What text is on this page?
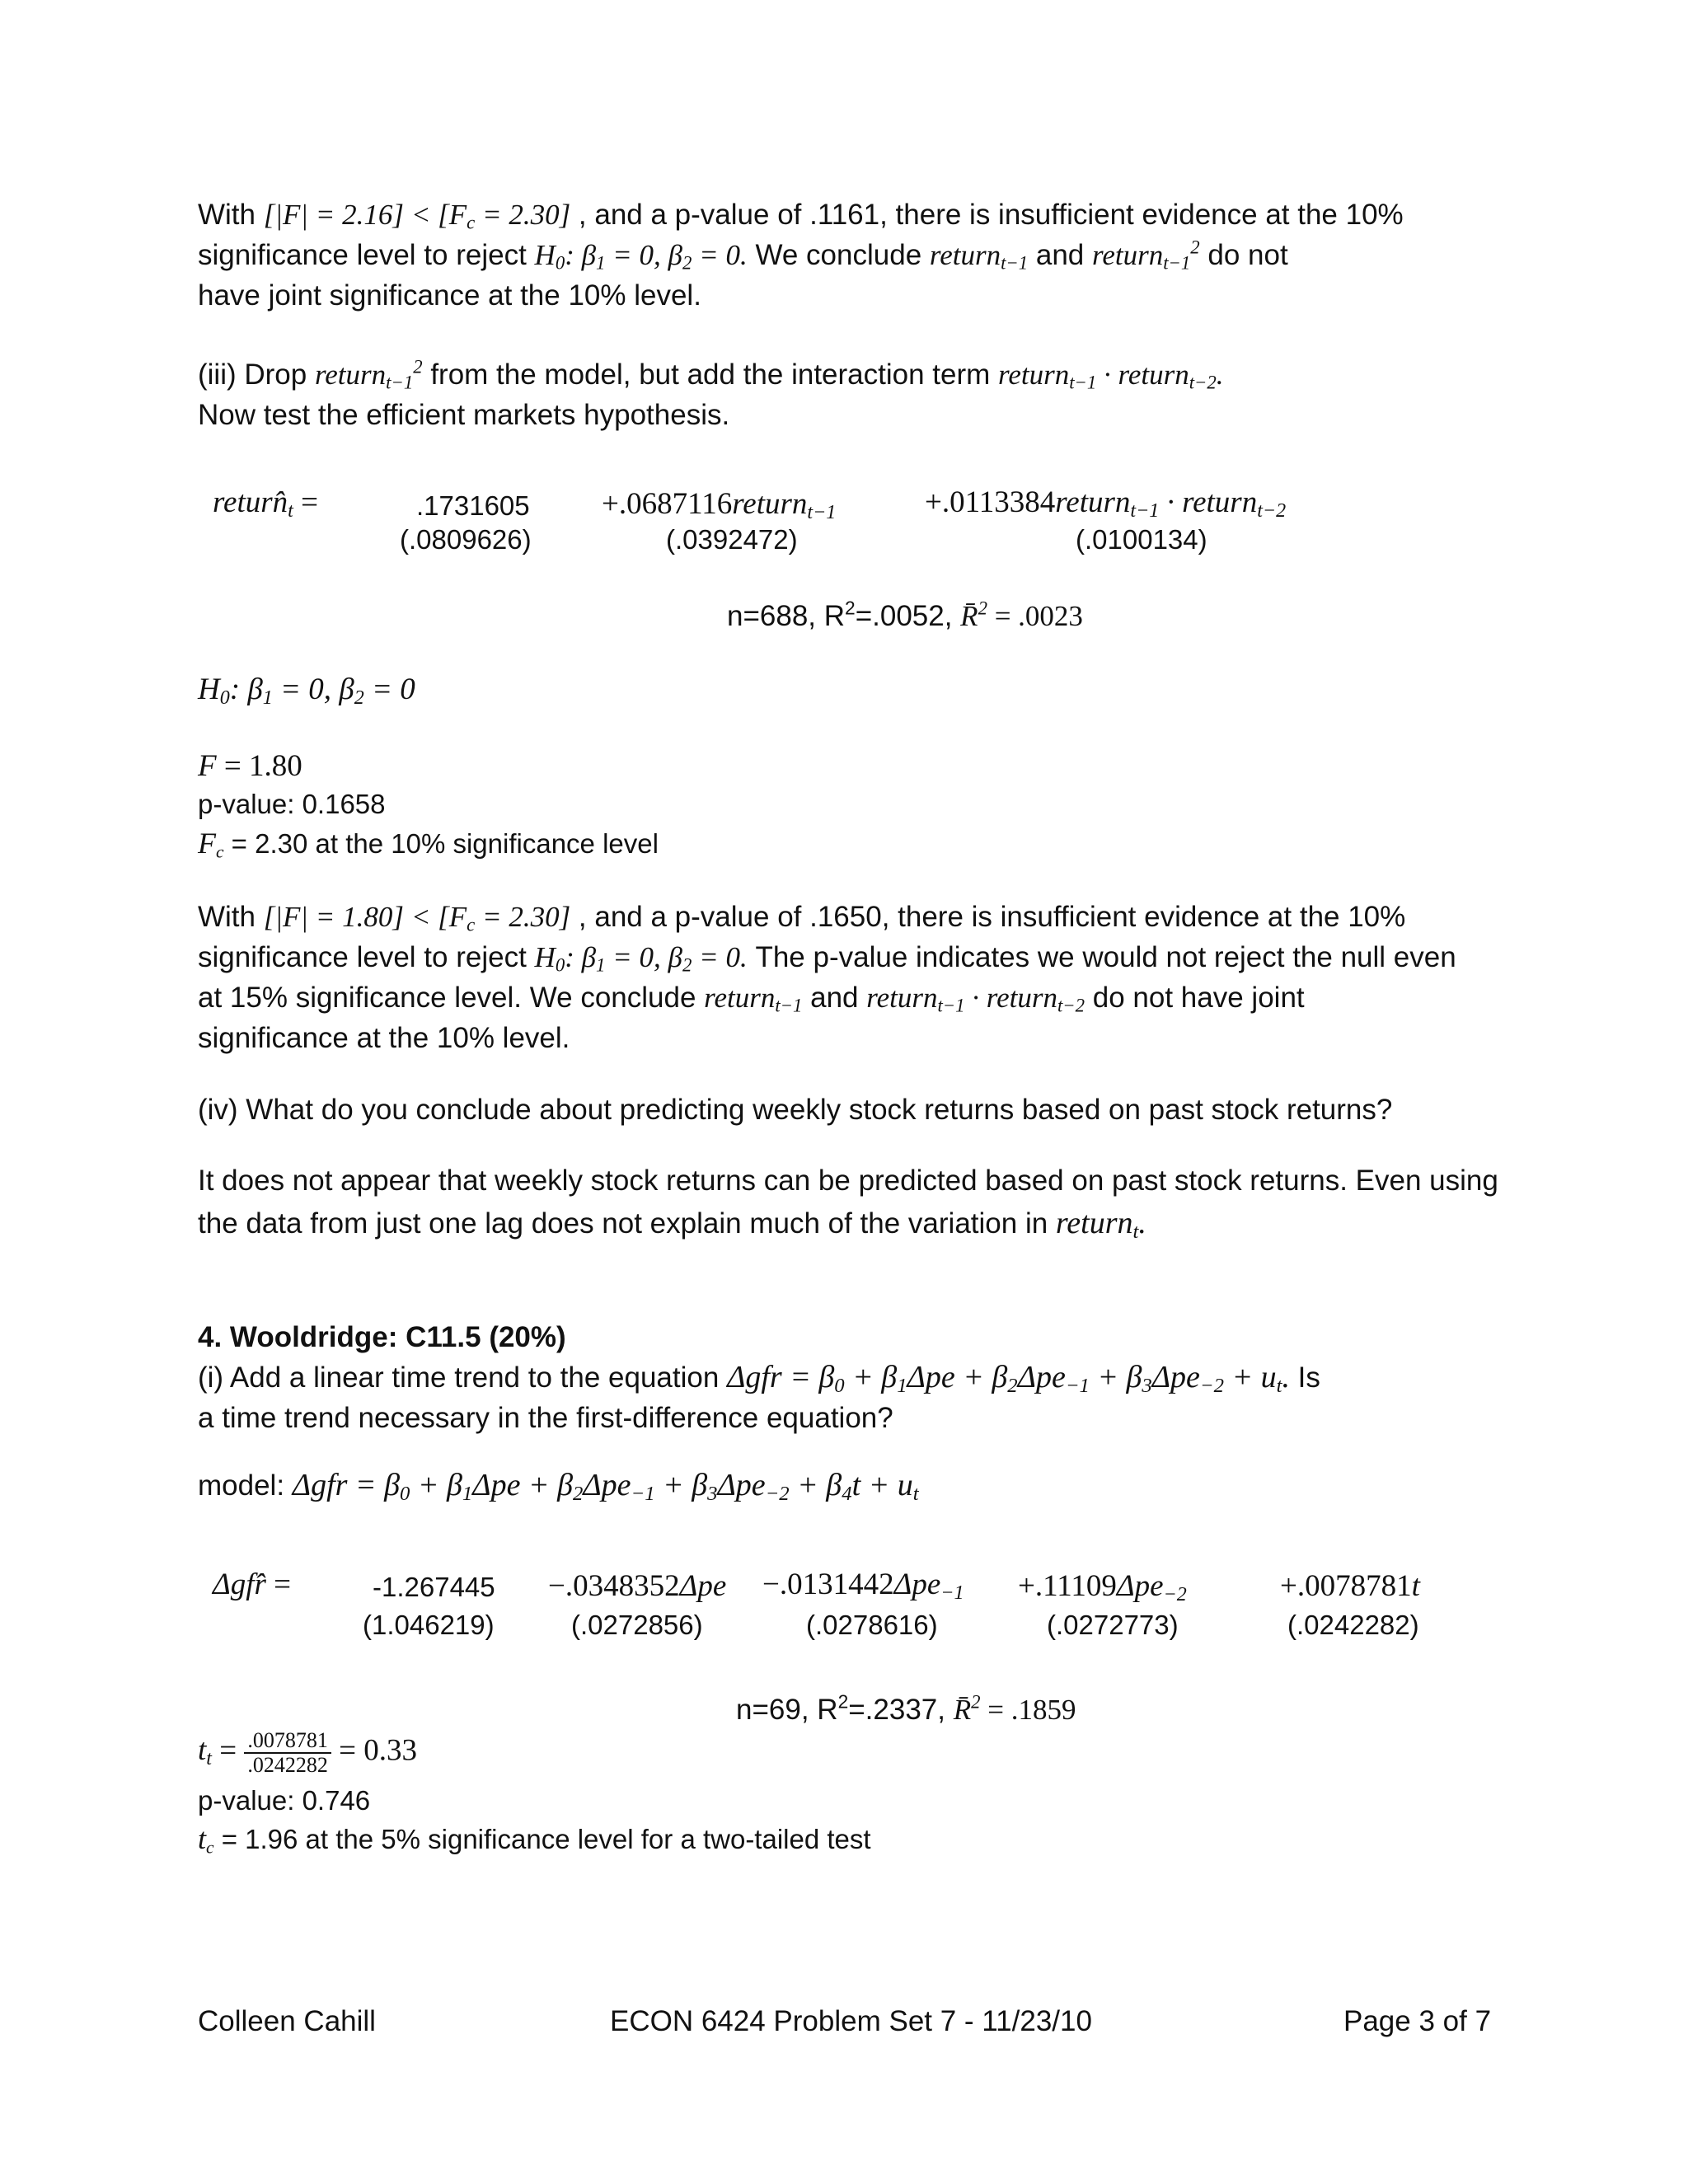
With $[|F| = 2.16] < [F_c = 2.30]$ , and a p-value of .1161, there is insufficient evidence at the 10%
significance level to reject $H_0$: $\beta_1 = 0$, $\beta_2 = 0$. We conclude return$_{t-1}$ and return$_{t-1}^2$ do not
have joint significance at the 10% level.
(iii) Drop return$_{t-1}^2$ from the model, but add the interaction term return$_{t-1}$ · return$_{t-2}$.
Now test the efficient markets hypothesis.
$return̂_t$ =	.1731605 +.0687116return$_{t-1}$	+.0113384return$_{t-1}$ · return$_{t-2}$
(.0809626)	(.0392472)	(.0100134)
n=688, $R^2=.0052$, R̄$^2$ = .0023
$H_0$: $\beta_1 = 0$, $\beta_2 = 0$
F = 1.80
p-value: 0.1658
$F_c = 2.30$ at the 10% significance level
With $[|F| = 1.80] < [F_c = 2.30]$ , and a p-value of .1650, there is insufficient evidence at the 10%
significance level to reject $H_0$: $\beta_1 = 0$, $\beta_2 = 0$. The p-value indicates we would not reject the null even
at 15% significance level. We conclude return$_{t-1}$ and return$_{t-1}$ · return$_{t-2}$ do not have joint
significance at the 10% level.
(iv) What do you conclude about predicting weekly stock returns based on past stock returns?
It does not appear that weekly stock returns can be predicted based on past stock returns. Even using
the data from just one lag does not explain much of the variation in return$_t$.
4. Wooldridge: C11.5 (20%)
(i) Add a linear time trend to the equation $\Delta gfr = \beta_0 + \beta_1\Delta pe + \beta_2\Delta pe_{-1} + \beta_3\Delta pe_{-2} + u_t$. Is
a time trend necessary in the first-difference equation?
model: $\Delta gfr = \beta_0 + \beta_1\Delta pe + \beta_2\Delta pe_{-1} + \beta_3\Delta pe_{-2} + \beta_4t + u_t$
Δgfr̂ =	-1.267445 −.0348352Δpe −.0131442Δpe$_{-1}$ +.11109Δpe$_{-2}$	+.0078781t
(1.046219)	(.0272856)	(.0278616)	(.0272773)	(.0242282)
n=69, $R^2=.2337$, R̄$^2$ = .1859
$t_t = \frac{.0078781}{.0242282} = 0.33$
p-value: 0.746
$t_c = 1.96$ at the 5% significance level for a two-tailed test
Colleen Cahill	ECON 6424 Problem Set 7 - 11/23/10	Page 3 of 7
